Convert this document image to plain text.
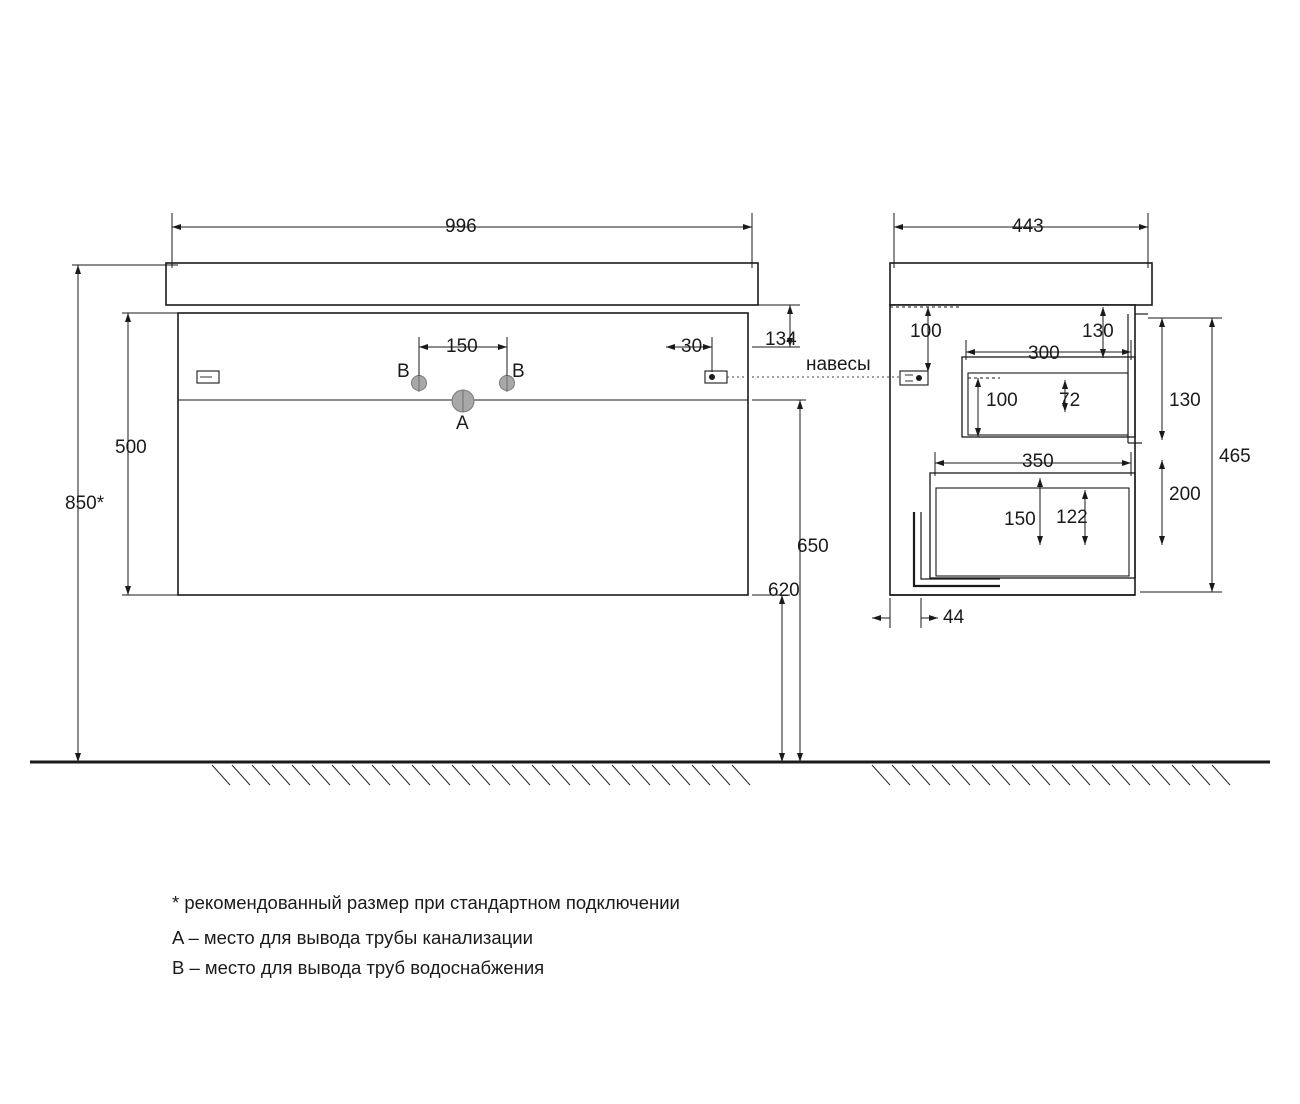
996
850*
500
150	30	134
650
620
B	B
A
навесы
443
100	130
300
100 72	130
465
350
200
150 122
44
* рекомендованный размер при стандартном подключении
A – место для вывода трубы канализации
B – место для вывода труб водоснабжения
